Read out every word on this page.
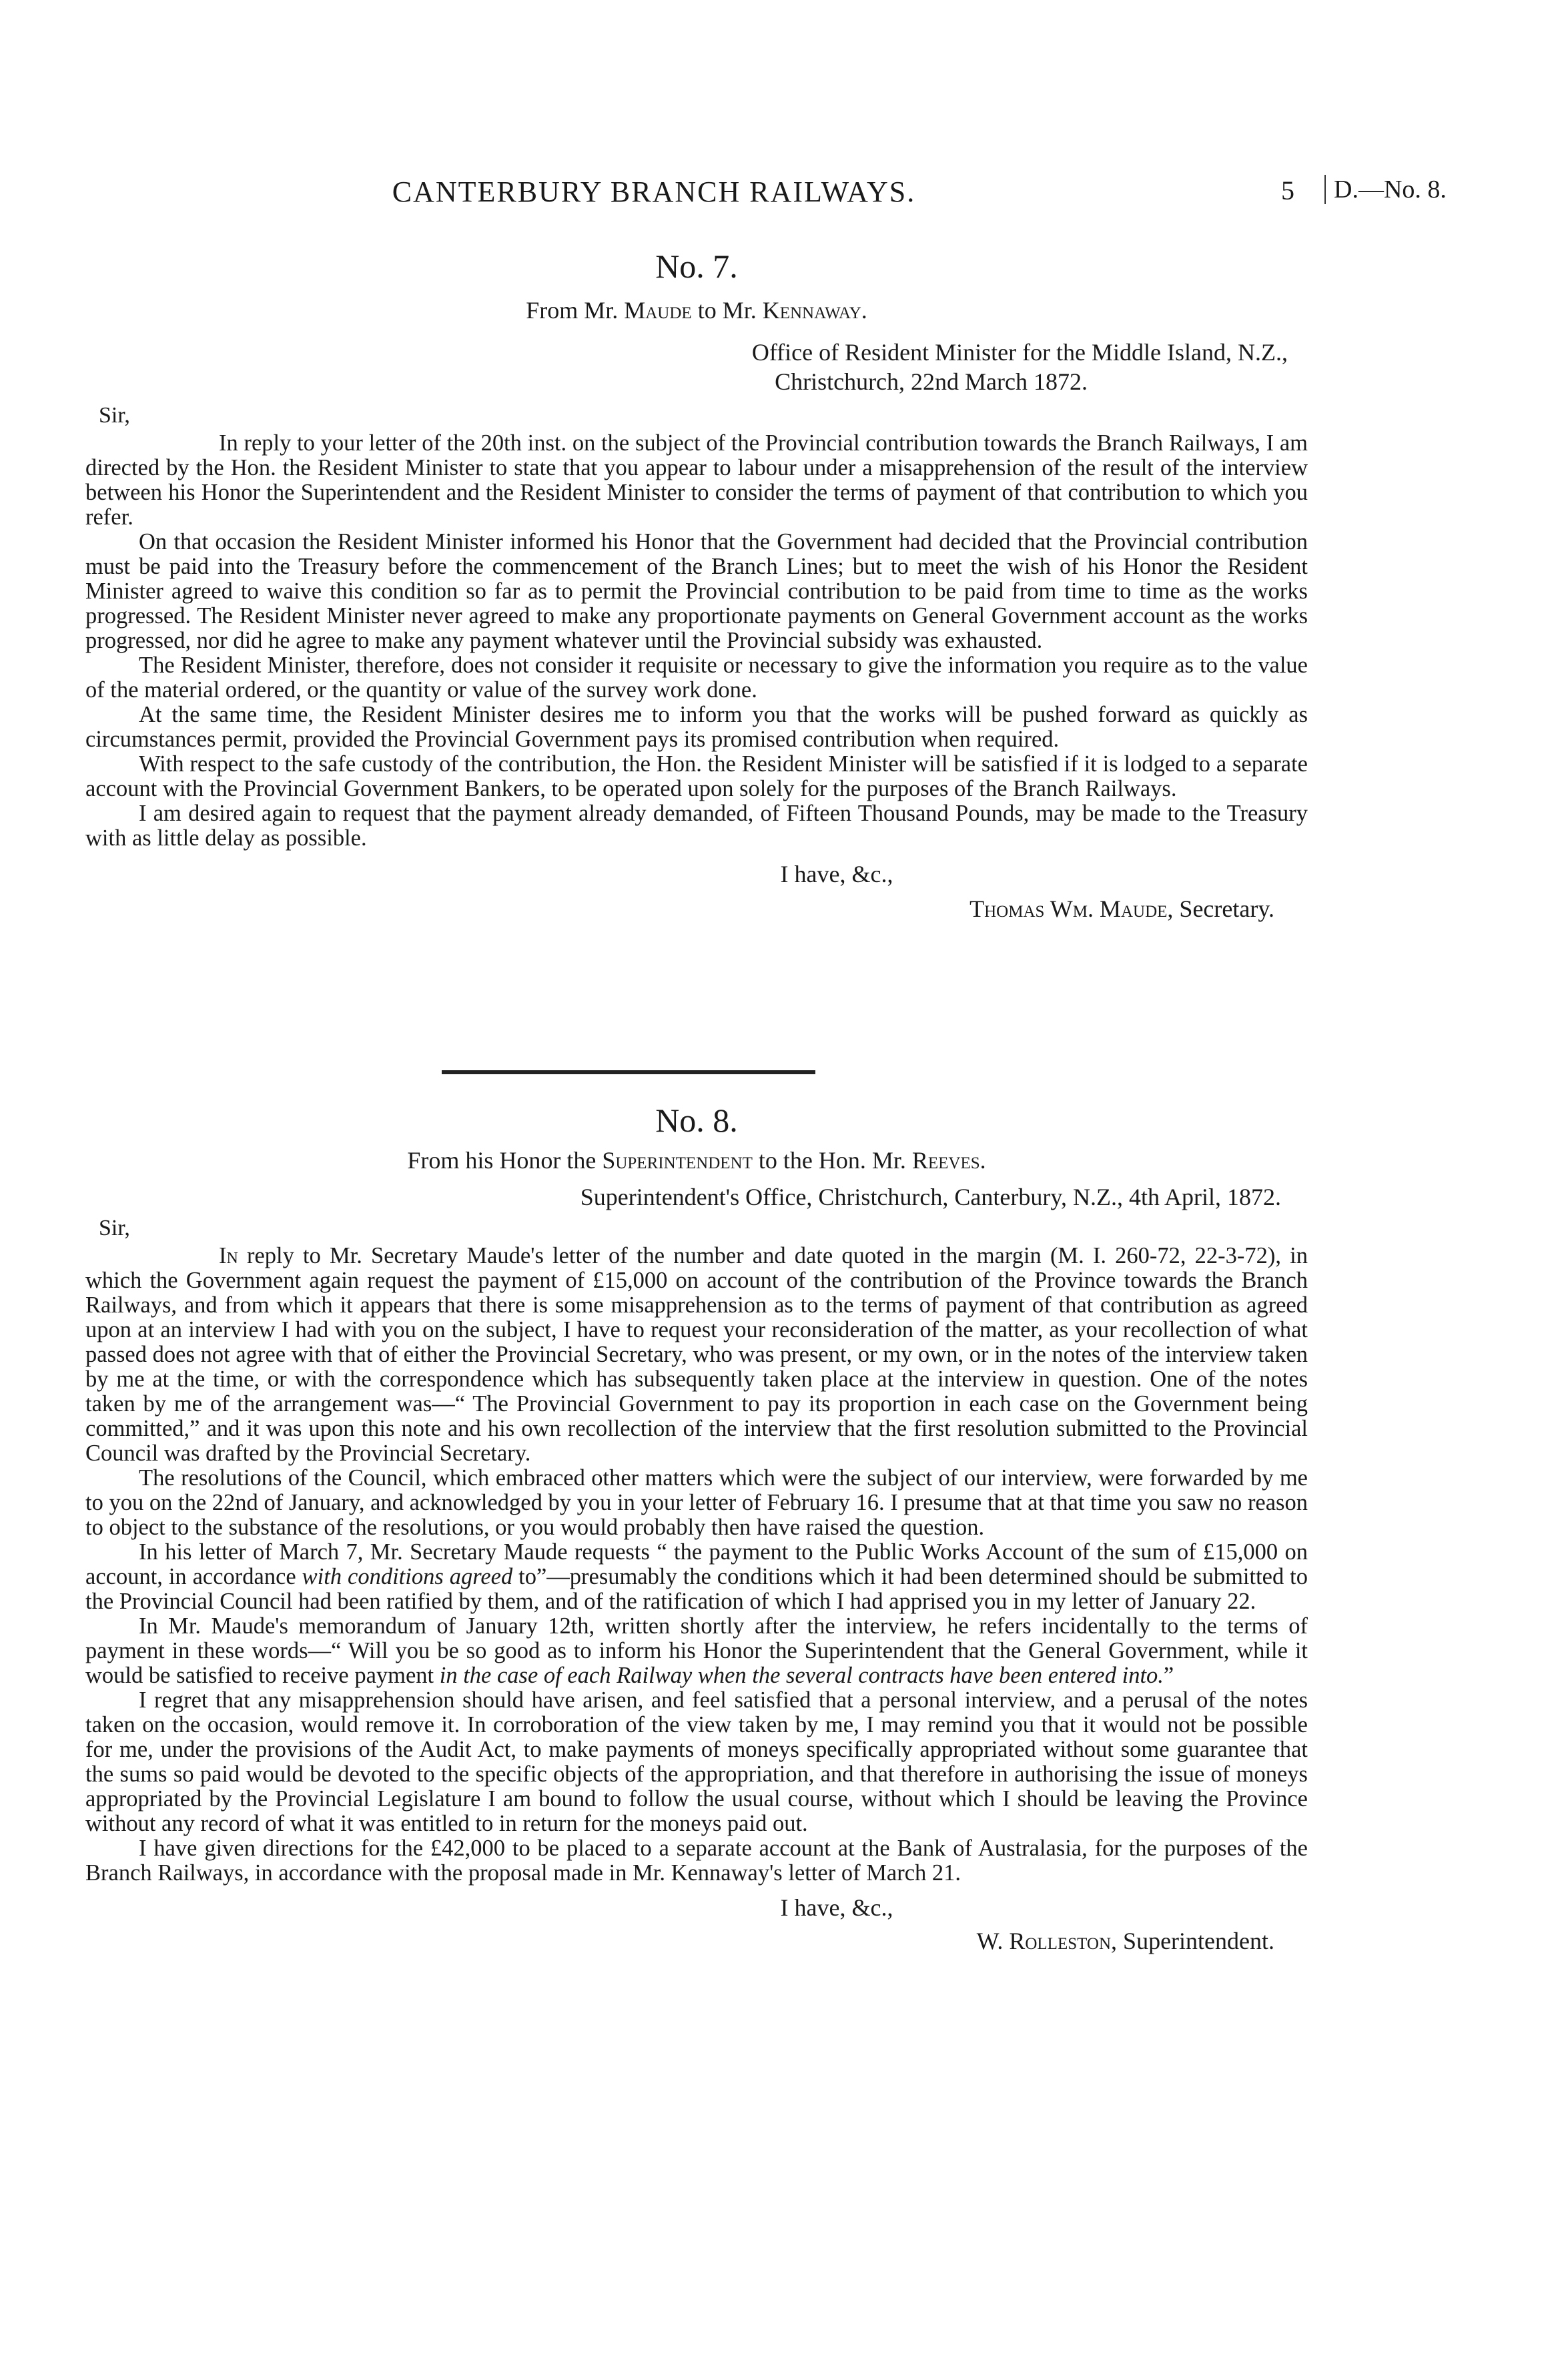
CANTERBURY BRANCH RAILWAYS.	5	D.—No. 8.
No. 7.
From Mr. Maude to Mr. Kennaway.
Office of Resident Minister for the Middle Island, N.Z.,
Christchurch, 22nd March 1872.
Sir,

In reply to your letter of the 20th inst. on the subject of the Provincial contribution towards the Branch Railways, I am directed by the Hon. the Resident Minister to state that you appear to labour under a misapprehension of the result of the interview between his Honor the Superintendent and the Resident Minister to consider the terms of payment of that contribution to which you refer.

On that occasion the Resident Minister informed his Honor that the Government had decided that the Provincial contribution must be paid into the Treasury before the commencement of the Branch Lines; but to meet the wish of his Honor the Resident Minister agreed to waive this condition so far as to permit the Provincial contribution to be paid from time to time as the works progressed. The Resident Minister never agreed to make any proportionate payments on General Government account as the works progressed, nor did he agree to make any payment whatever until the Provincial subsidy was exhausted.

The Resident Minister, therefore, does not consider it requisite or necessary to give the information you require as to the value of the material ordered, or the quantity or value of the survey work done.

At the same time, the Resident Minister desires me to inform you that the works will be pushed forward as quickly as circumstances permit, provided the Provincial Government pays its promised contribution when required.

With respect to the safe custody of the contribution, the Hon. the Resident Minister will be satisfied if it is lodged to a separate account with the Provincial Government Bankers, to be operated upon solely for the purposes of the Branch Railways.

I am desired again to request that the payment already demanded, of Fifteen Thousand Pounds, may be made to the Treasury with as little delay as possible.

I have, &c.,
Thomas Wm. Maude, Secretary.
No. 8.
From his Honor the Superintendent to the Hon. Mr. Reeves.
Superintendent's Office, Christchurch, Canterbury, N.Z., 4th April, 1872.
Sir,

In reply to Mr. Secretary Maude's letter of the number and date quoted in the margin (M. I. 260-72, 22-3-72), in which the Government again request the payment of £15,000 on account of the contribution of the Province towards the Branch Railways, and from which it appears that there is some misapprehension as to the terms of payment of that contribution as agreed upon at an interview I had with you on the subject, I have to request your reconsideration of the matter, as your recollection of what passed does not agree with that of either the Provincial Secretary, who was present, or my own, or in the notes of the interview taken by me at the time, or with the correspondence which has subsequently taken place at the interview in question. One of the notes taken by me of the arrangement was—“ The Provincial Government to pay its proportion in each case on the Government being committed,” and it was upon this note and his own recollection of the interview that the first resolution submitted to the Provincial Council was drafted by the Provincial Secretary.

The resolutions of the Council, which embraced other matters which were the subject of our interview, were forwarded by me to you on the 22nd of January, and acknowledged by you in your letter of February 16. I presume that at that time you saw no reason to object to the substance of the resolutions, or you would probably then have raised the question.

In his letter of March 7, Mr. Secretary Maude requests “ the payment to the Public Works Account of the sum of £15,000 on account, in accordance with conditions agreed to”—presumably the conditions which it had been determined should be submitted to the Provincial Council had been ratified by them, and of the ratification of which I had apprised you in my letter of January 22.

In Mr. Maude's memorandum of January 12th, written shortly after the interview, he refers incidentally to the terms of payment in these words—“ Will you be so good as to inform his Honor the Superintendent that the General Government, while it would be satisfied to receive payment in the case of each Railway when the several contracts have been entered into.”

I regret that any misapprehension should have arisen, and feel satisfied that a personal interview, and a perusal of the notes taken on the occasion, would remove it. In corroboration of the view taken by me, I may remind you that it would not be possible for me, under the provisions of the Audit Act, to make payments of moneys specifically appropriated without some guarantee that the sums so paid would be devoted to the specific objects of the appropriation, and that therefore in authorising the issue of moneys appropriated by the Provincial Legislature I am bound to follow the usual course, without which I should be leaving the Province without any record of what it was entitled to in return for the moneys paid out.

I have given directions for the £42,000 to be placed to a separate account at the Bank of Australasia, for the purposes of the Branch Railways, in accordance with the proposal made in Mr. Kennaway's letter of March 21.

I have, &c.,
W. Rolleston, Superintendent.
